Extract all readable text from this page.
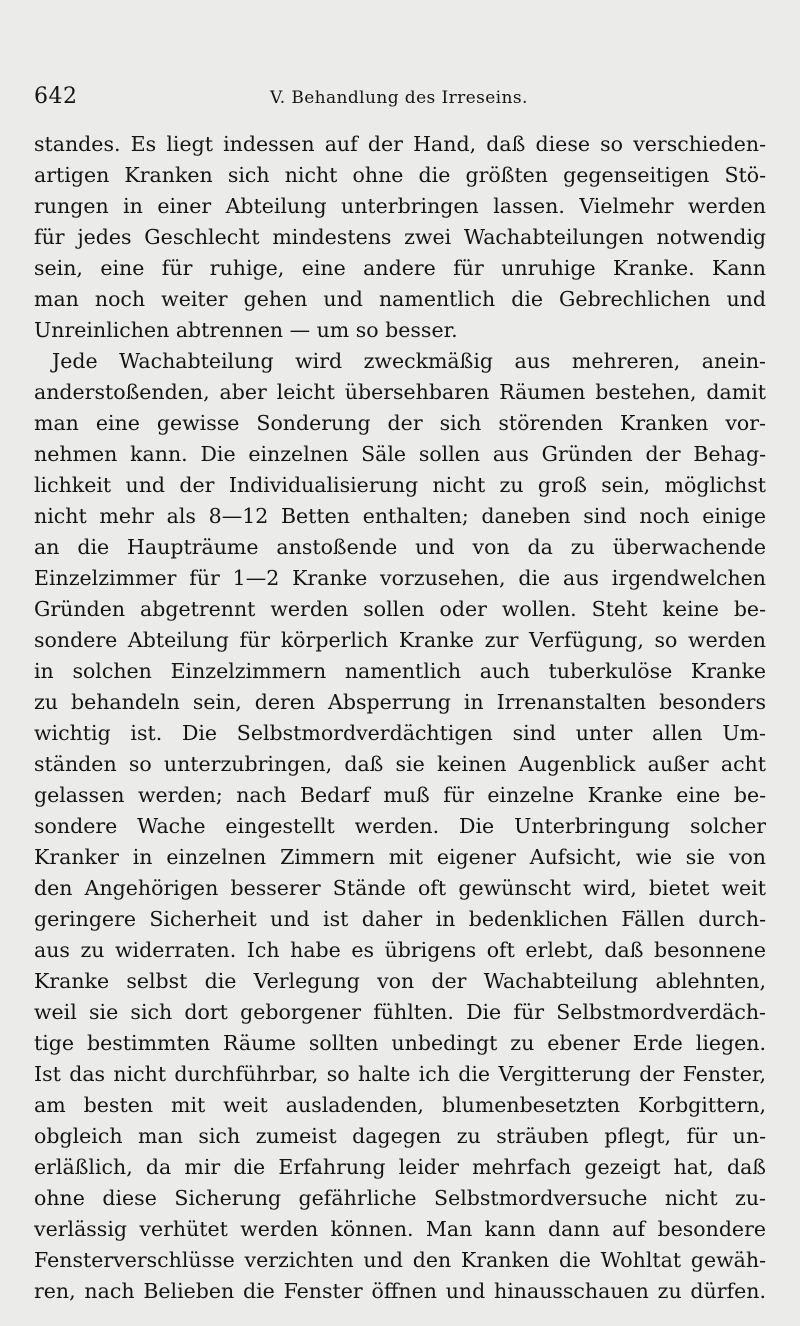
642	V. Behandlung des Irreseins.
standes. Es liegt indessen auf der Hand, daß diese so verschieden-
artigen Kranken sich nicht ohne die größten gegenseitigen Stö-
rungen in einer Abteilung unterbringen lassen. Vielmehr werden
für jedes Geschlecht mindestens zwei Wachabteilungen notwendig
sein, eine für ruhige, eine andere für unruhige Kranke. Kann
man noch weiter gehen und namentlich die Gebrechlichen und
Unreinlichen abtrennen — um so besser.
Jede Wachabteilung wird zweckmäßig aus mehreren, anein-
anderstoßenden, aber leicht übersehbaren Räumen bestehen, damit
man eine gewisse Sonderung der sich störenden Kranken vor-
nehmen kann. Die einzelnen Säle sollen aus Gründen der Behag-
lichkeit und der Individualisierung nicht zu groß sein, möglichst
nicht mehr als 8—12 Betten enthalten; daneben sind noch einige
an die Haupträume anstoßende und von da zu überwachende
Einzelzimmer für 1—2 Kranke vorzusehen, die aus irgendwelchen
Gründen abgetrennt werden sollen oder wollen. Steht keine be-
sondere Abteilung für körperlich Kranke zur Verfügung, so werden
in solchen Einzelzimmern namentlich auch tuberkulöse Kranke
zu behandeln sein, deren Absperrung in Irrenanstalten besonders
wichtig ist. Die Selbstmordverdächtigen sind unter allen Um-
ständen so unterzubringen, daß sie keinen Augenblick außer acht
gelassen werden; nach Bedarf muß für einzelne Kranke eine be-
sondere Wache eingestellt werden. Die Unterbringung solcher
Kranker in einzelnen Zimmern mit eigener Aufsicht, wie sie von
den Angehörigen besserer Stände oft gewünscht wird, bietet weit
geringere Sicherheit und ist daher in bedenklichen Fällen durch-
aus zu widerraten. Ich habe es übrigens oft erlebt, daß besonnene
Kranke selbst die Verlegung von der Wachabteilung ablehnten,
weil sie sich dort geborgener fühlten. Die für Selbstmordverdäch-
tige bestimmten Räume sollten unbedingt zu ebener Erde liegen.
Ist das nicht durchführbar, so halte ich die Vergitterung der Fenster,
am besten mit weit ausladenden, blumenbesetzten Korbgittern,
obgleich man sich zumeist dagegen zu sträuben pflegt, für un-
erläßlich, da mir die Erfahrung leider mehrfach gezeigt hat, daß
ohne diese Sicherung gefährliche Selbstmordversuche nicht zu-
verlässig verhütet werden können. Man kann dann auf besondere
Fensterverschlüsse verzichten und den Kranken die Wohltat gewäh-
ren, nach Belieben die Fenster öffnen und hinausschauen zu dürfen.
